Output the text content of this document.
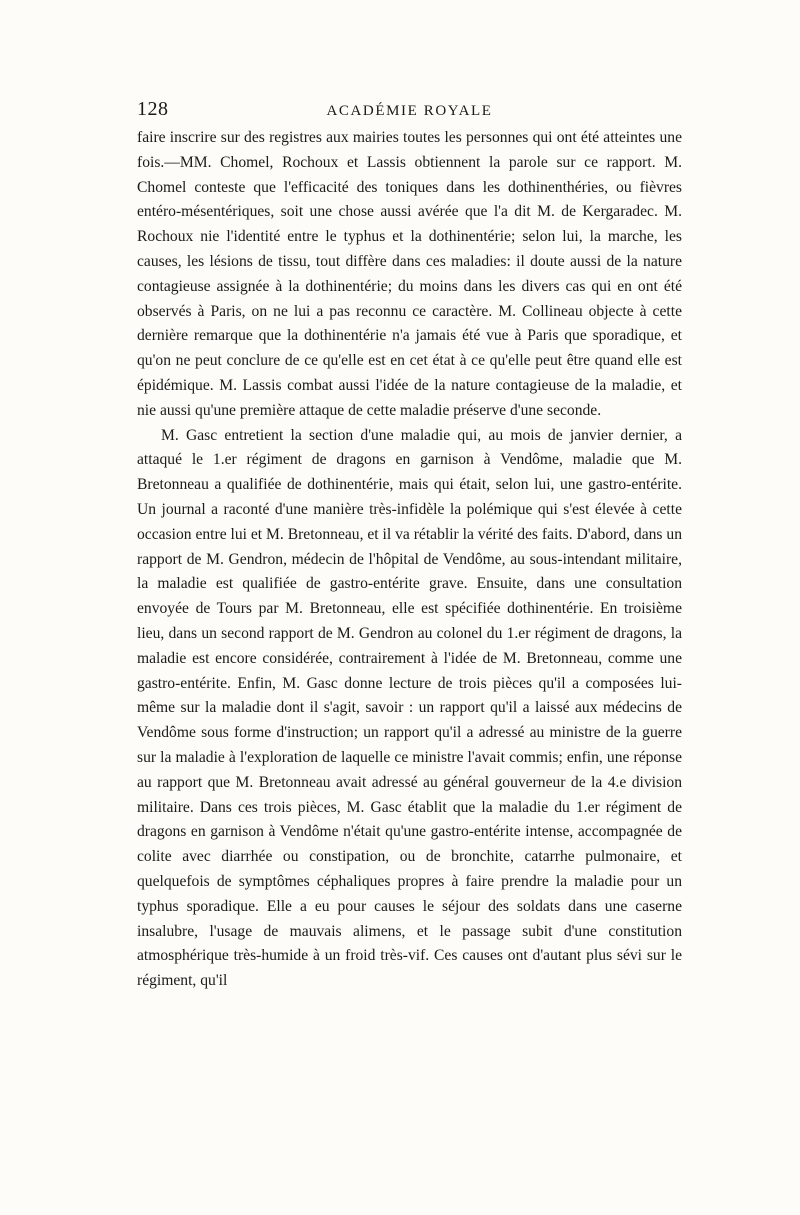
128	ACADÉMIE ROYALE

faire inscrire sur des registres aux mairies toutes les personnes qui ont été atteintes une fois.—MM. Chomel, Rochoux et Lassis obtiennent la parole sur ce rapport. M. Chomel conteste que l'efficacité des toniques dans les dothinenthéries, ou fièvres entéro-mésentériques, soit une chose aussi avérée que l'a dit M. de Kergaradec. M. Rochoux nie l'identité entre le typhus et la dothinentérie; selon lui, la marche, les causes, les lésions de tissu, tout diffère dans ces maladies: il doute aussi de la nature contagieuse assignée à la dothinentérie; du moins dans les divers cas qui en ont été observés à Paris, on ne lui a pas reconnu ce caractère. M. Collineau objecte à cette dernière remarque que la dothinentérie n'a jamais été vue à Paris que sporadique, et qu'on ne peut conclure de ce qu'elle est en cet état à ce qu'elle peut être quand elle est épidémique. M. Lassis combat aussi l'idée de la nature contagieuse de la maladie, et nie aussi qu'une première attaque de cette maladie préserve d'une seconde.

M. Gasc entretient la section d'une maladie qui, au mois de janvier dernier, a attaqué le 1.er régiment de dragons en garnison à Vendôme, maladie que M. Bretonneau a qualifiée de dothinentérie, mais qui était, selon lui, une gastro-entérite. Un journal a raconté d'une manière très-infidèle la polémique qui s'est élevée à cette occasion entre lui et M. Bretonneau, et il va rétablir la vérité des faits. D'abord, dans un rapport de M. Gendron, médecin de l'hôpital de Vendôme, au sous-intendant militaire, la maladie est qualifiée de gastro-entérite grave. Ensuite, dans une consultation envoyée de Tours par M. Bretonneau, elle est spécifiée dothinentérie. En troisième lieu, dans un second rapport de M. Gendron au colonel du 1.er régiment de dragons, la maladie est encore considérée, contrairement à l'idée de M. Bretonneau, comme une gastro-entérite. Enfin, M. Gasc donne lecture de trois pièces qu'il a composées lui-même sur la maladie dont il s'agit, savoir : un rapport qu'il a laissé aux médecins de Vendôme sous forme d'instruction; un rapport qu'il a adressé au ministre de la guerre sur la maladie à l'exploration de laquelle ce ministre l'avait commis; enfin, une réponse au rapport que M. Bretonneau avait adressé au général gouverneur de la 4.e division militaire. Dans ces trois pièces, M. Gasc établit que la maladie du 1.er régiment de dragons en garnison à Vendôme n'était qu'une gastro-entérite intense, accompagnée de colite avec diarrhée ou constipation, ou de bronchite, catarrhe pulmonaire, et quelquefois de symptômes céphaliques propres à faire prendre la maladie pour un typhus sporadique. Elle a eu pour causes le séjour des soldats dans une caserne insalubre, l'usage de mauvais alimens, et le passage subit d'une constitution atmosphérique très-humide à un froid très-vif. Ces causes ont d'autant plus sévi sur le régiment, qu'il
